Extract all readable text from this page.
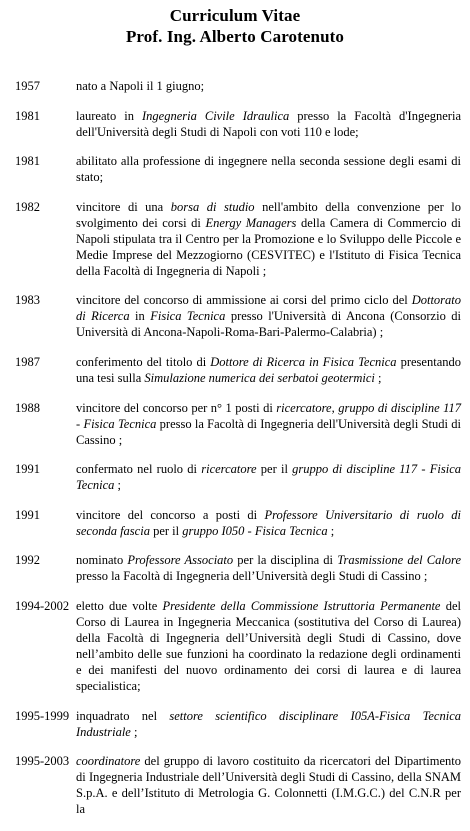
Curriculum Vitae
Prof. Ing. Alberto Carotenuto
1957	nato a Napoli il 1 giugno;
1981	laureato in Ingegneria Civile Idraulica presso la Facoltà d'Ingegneria dell'Università degli Studi di Napoli con voti 110 e lode;
1981	abilitato alla professione di ingegnere nella seconda sessione degli esami di stato;
1982	vincitore di una borsa di studio nell'ambito della convenzione per lo svolgimento dei corsi di Energy Managers della Camera di Commercio di Napoli stipulata tra il Centro per la Promozione e lo Sviluppo delle Piccole e Medie Imprese del Mezzogiorno (CESVITEC) e l'Istituto di Fisica Tecnica della Facoltà di Ingegneria di Napoli ;
1983	vincitore del concorso di ammissione ai corsi del primo ciclo del Dottorato di Ricerca in Fisica Tecnica presso l'Università di Ancona (Consorzio di Università di Ancona-Napoli-Roma-Bari-Palermo-Calabria) ;
1987	conferimento del titolo di Dottore di Ricerca in Fisica Tecnica presentando una tesi sulla Simulazione numerica dei serbatoi geotermici ;
1988	vincitore del concorso per n° 1 posti di ricercatore, gruppo di discipline 117 - Fisica Tecnica presso la Facoltà di Ingegneria dell'Università degli Studi di Cassino ;
1991	confermato nel ruolo di ricercatore per il gruppo di discipline 117 - Fisica Tecnica ;
1991	vincitore del concorso a posti di Professore Universitario di ruolo di seconda fascia per il gruppo I050 - Fisica Tecnica ;
1992	nominato Professore Associato per la disciplina di Trasmissione del Calore presso la Facoltà di Ingegneria dell’Università degli Studi di Cassino ;
1994-2002 eletto due volte Presidente della Commissione Istruttoria Permanente del Corso di Laurea in Ingegneria Meccanica (sostitutiva del Corso di Laurea) della Facoltà di Ingegneria dell’Università degli Studi di Cassino, dove nell’ambito delle sue funzioni ha coordinato la redazione degli ordinamenti e dei manifesti del nuovo ordinamento dei corsi di laurea e di laurea specialistica;
1995-1999 inquadrato nel settore scientifico disciplinare I05A-Fisica Tecnica Industriale ;
1995-2003 coordinatore del gruppo di lavoro costituito da ricercatori del Dipartimento di Ingegneria Industriale dell’Università degli Studi di Cassino, della SNAM S.p.A. e dell’Istituto di Metrologia G. Colonnetti (I.M.G.C.) del C.N.R per la
